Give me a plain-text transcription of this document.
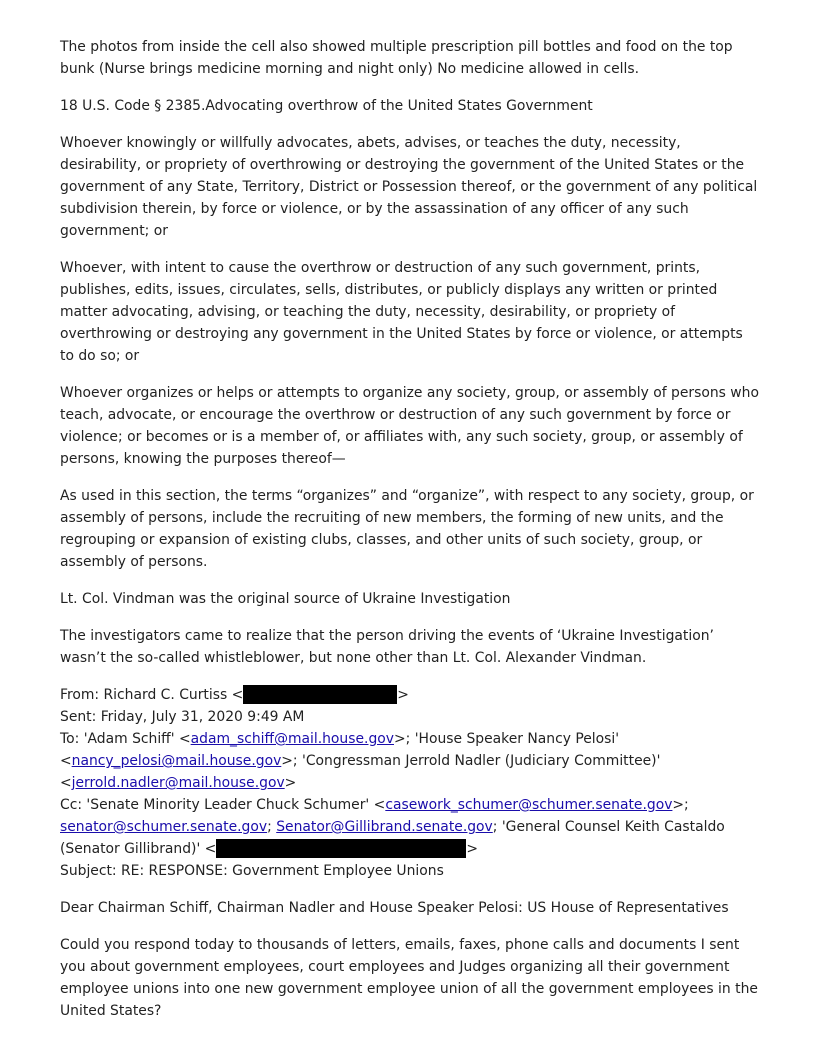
The photos from inside the cell also showed multiple prescription pill bottles and food on the top bunk (Nurse brings medicine morning and night only) No medicine allowed in cells.

18 U.S. Code § 2385.Advocating overthrow of the United States Government

Whoever knowingly or willfully advocates, abets, advises, or teaches the duty, necessity, desirability, or propriety of overthrowing or destroying the government of the United States or the government of any State, Territory, District or Possession thereof, or the government of any political subdivision therein, by force or violence, or by the assassination of any officer of any such government; or

Whoever, with intent to cause the overthrow or destruction of any such government, prints, publishes, edits, issues, circulates, sells, distributes, or publicly displays any written or printed matter advocating, advising, or teaching the duty, necessity, desirability, or propriety of overthrowing or destroying any government in the United States by force or violence, or attempts to do so; or

Whoever organizes or helps or attempts to organize any society, group, or assembly of persons who teach, advocate, or encourage the overthrow or destruction of any such government by force or violence; or becomes or is a member of, or affiliates with, any such society, group, or assembly of persons, knowing the purposes thereof—

As used in this section, the terms “organizes” and “organize”, with respect to any society, group, or assembly of persons, include the recruiting of new members, the forming of new units, and the regrouping or expansion of existing clubs, classes, and other units of such society, group, or assembly of persons.

Lt. Col. Vindman was the original source of Ukraine Investigation

The investigators came to realize that the person driving the events of ‘Ukraine Investigation’ wasn’t the so-called whistleblower, but none other than Lt. Col. Alexander Vindman.

From: Richard C. Curtiss <	>

Sent: Friday, July 31, 2020 9:49 AM

To: 'Adam Schiff' <adam_schiff@mail.house.gov>; 'House Speaker Nancy Pelosi' <nancy_pelosi@mail.house.gov>; 'Congressman Jerrold Nadler (Judiciary Committee)' <jerrold.nadler@mail.house.gov>

Cc: 'Senate Minority Leader Chuck Schumer' <casework_schumer@schumer.senate.gov>; senator@schumer.senate.gov; Senator@Gillibrand.senate.gov; 'General Counsel Keith Castaldo (Senator Gillibrand)' <	>

Subject: RE: RESPONSE: Government Employee Unions

Dear Chairman Schiff, Chairman Nadler and House Speaker Pelosi: US House of Representatives

Could you respond today to thousands of letters, emails, faxes, phone calls and documents I sent you about government employees, court employees and Judges organizing all their government employee unions into one new government employee union of all the government employees in the United States?
